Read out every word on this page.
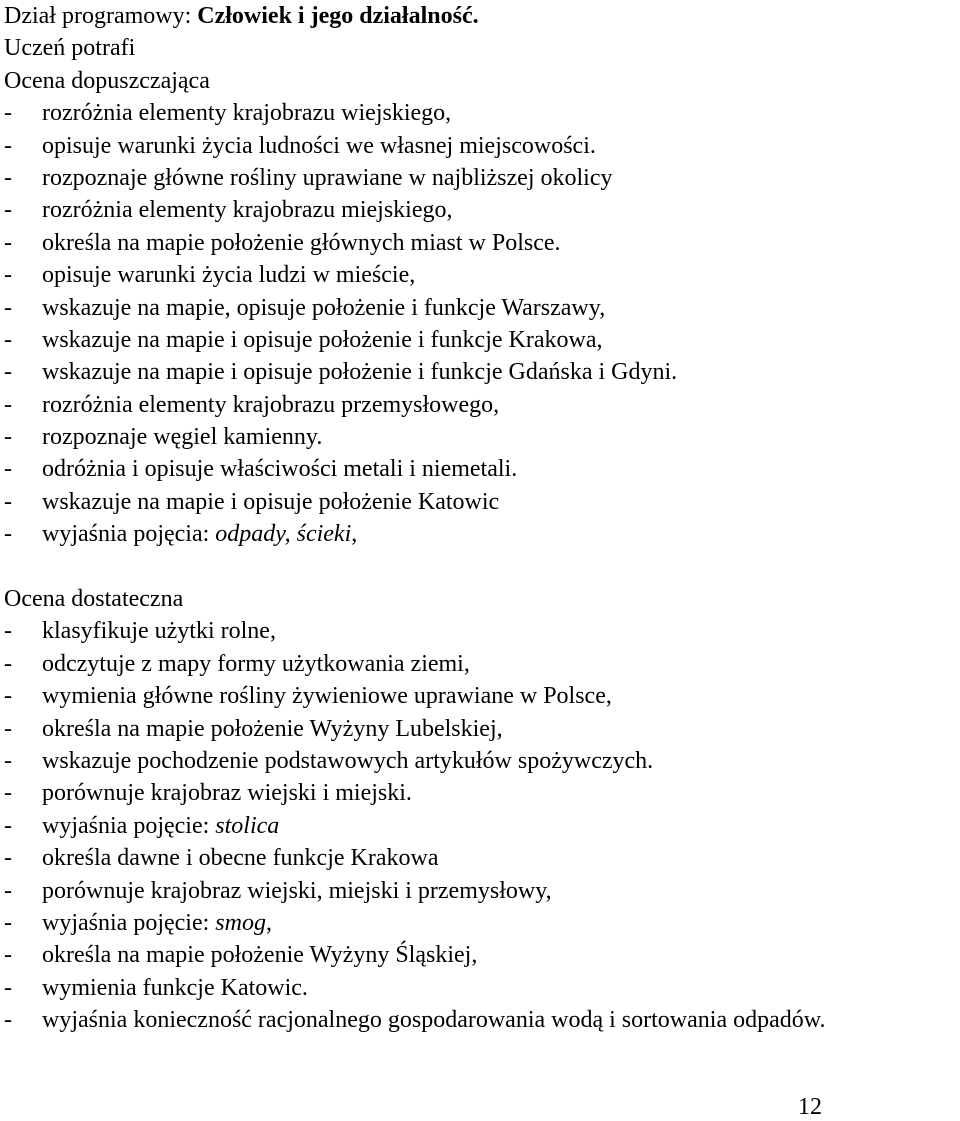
Dział programowy: Człowiek i jego działalność.
Uczeń potrafi
Ocena dopuszczająca
- rozróżnia elementy krajobrazu wiejskiego,
- opisuje warunki życia ludności we własnej miejscowości.
- rozpoznaje główne rośliny uprawiane w najbliższej okolicy
- rozróżnia elementy krajobrazu miejskiego,
- określa na mapie położenie głównych miast w Polsce.
- opisuje warunki życia ludzi w mieście,
- wskazuje na mapie, opisuje położenie i funkcje Warszawy,
- wskazuje na mapie i opisuje położenie i funkcje Krakowa,
- wskazuje na mapie i opisuje położenie i funkcje Gdańska i Gdyni.
- rozróżnia elementy krajobrazu przemysłowego,
- rozpoznaje węgiel kamienny.
- odróżnia i opisuje właściwości metali i niemetali.
- wskazuje na mapie i opisuje położenie Katowic
- wyjaśnia pojęcia: odpady, ścieki,
Ocena dostateczna
- klasyfikuje użytki rolne,
- odczytuje z mapy formy użytkowania ziemi,
- wymienia główne rośliny żywieniowe uprawiane w Polsce,
- określa na mapie położenie Wyżyny Lubelskiej,
- wskazuje pochodzenie podstawowych artykułów spożywczych.
- porównuje krajobraz wiejski i miejski.
- wyjaśnia pojęcie: stolica
- określa dawne i obecne funkcje Krakowa
- porównuje krajobraz wiejski, miejski i przemysłowy,
- wyjaśnia pojęcie: smog,
- określa na mapie położenie Wyżyny Śląskiej,
- wymienia funkcje Katowic.
- wyjaśnia konieczność racjonalnego gospodarowania wodą i sortowania odpadów.
12
